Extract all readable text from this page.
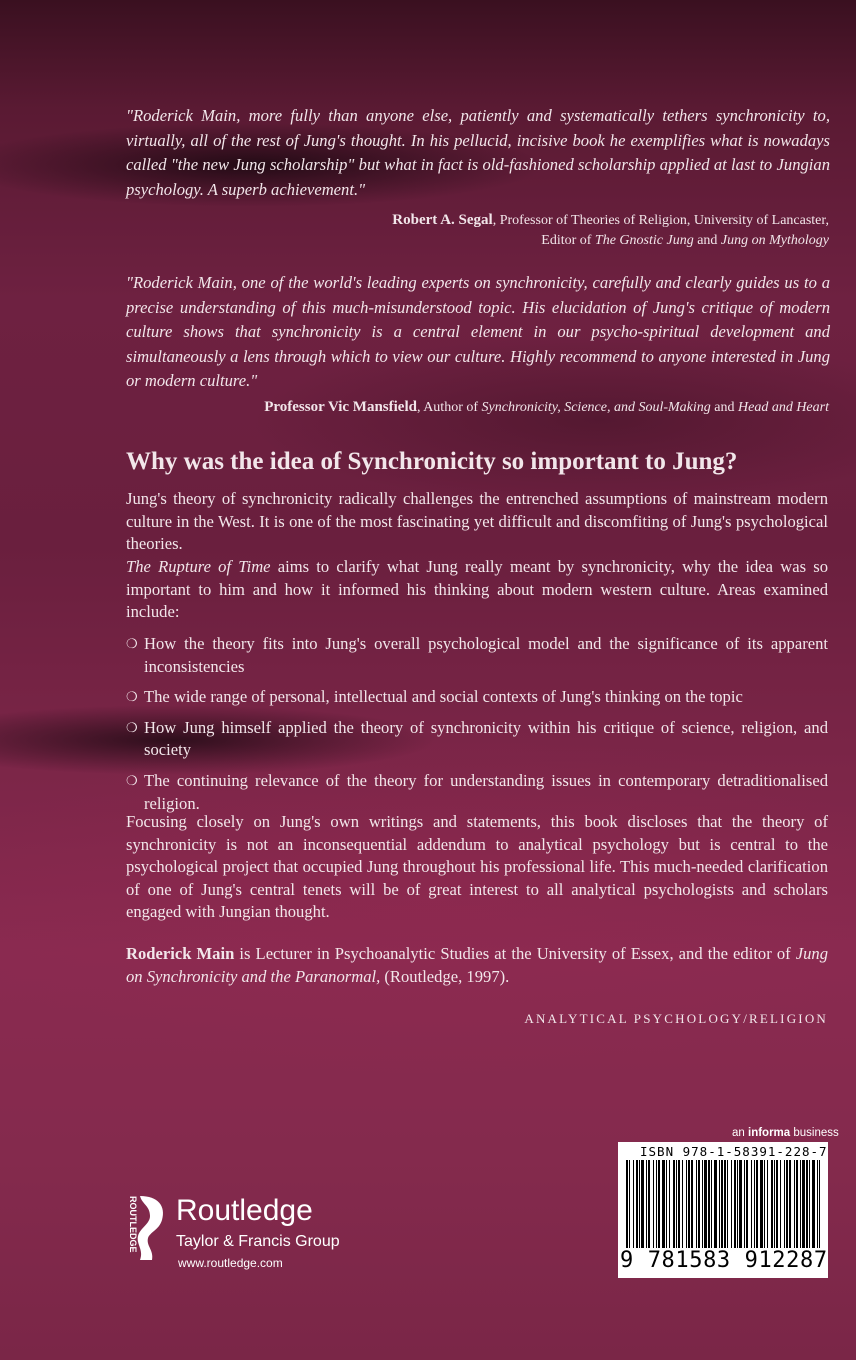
"Roderick Main, more fully than anyone else, patiently and systematically tethers synchronicity to, virtually, all of the rest of Jung's thought. In his pellucid, incisive book he exemplifies what is nowadays called "the new Jung scholarship" but what in fact is old-fashioned scholarship applied at last to Jungian psychology. A superb achievement."
Robert A. Segal, Professor of Theories of Religion, University of Lancaster,
Editor of The Gnostic Jung and Jung on Mythology
"Roderick Main, one of the world's leading experts on synchronicity, carefully and clearly guides us to a precise understanding of this much-misunderstood topic. His elucidation of Jung's critique of modern culture shows that synchronicity is a central element in our psycho-spiritual development and simultaneously a lens through which to view our culture. Highly recommend to anyone interested in Jung or modern culture."
Professor Vic Mansfield, Author of Synchronicity, Science, and Soul-Making and Head and Heart
Why was the idea of Synchronicity so important to Jung?
Jung's theory of synchronicity radically challenges the entrenched assumptions of mainstream modern culture in the West. It is one of the most fascinating yet difficult and discomfiting of Jung's psychological theories.
The Rupture of Time aims to clarify what Jung really meant by synchronicity, why the idea was so important to him and how it informed his thinking about modern western culture. Areas examined include:
❍ How the theory fits into Jung's overall psychological model and the significance of its apparent inconsistencies
❍ The wide range of personal, intellectual and social contexts of Jung's thinking on the topic
❍ How Jung himself applied the theory of synchronicity within his critique of science, religion, and society
❍ The continuing relevance of the theory for understanding issues in contemporary detraditionalised religion.
Focusing closely on Jung's own writings and statements, this book discloses that the theory of synchronicity is not an inconsequential addendum to analytical psychology but is central to the psychological project that occupied Jung throughout his professional life. This much-needed clarification of one of Jung's central tenets will be of great interest to all analytical psychologists and scholars engaged with Jungian thought.
Roderick Main is Lecturer in Psychoanalytic Studies at the University of Essex, and the editor of Jung on Synchronicity and the Paranormal, (Routledge, 1997).
ANALYTICAL PSYCHOLOGY/RELIGION
an informa business
ISBN 978-1-58391-228-7
9 781583 912287
ROUTLEDGE Routledge
Taylor & Francis Group
www.routledge.com
